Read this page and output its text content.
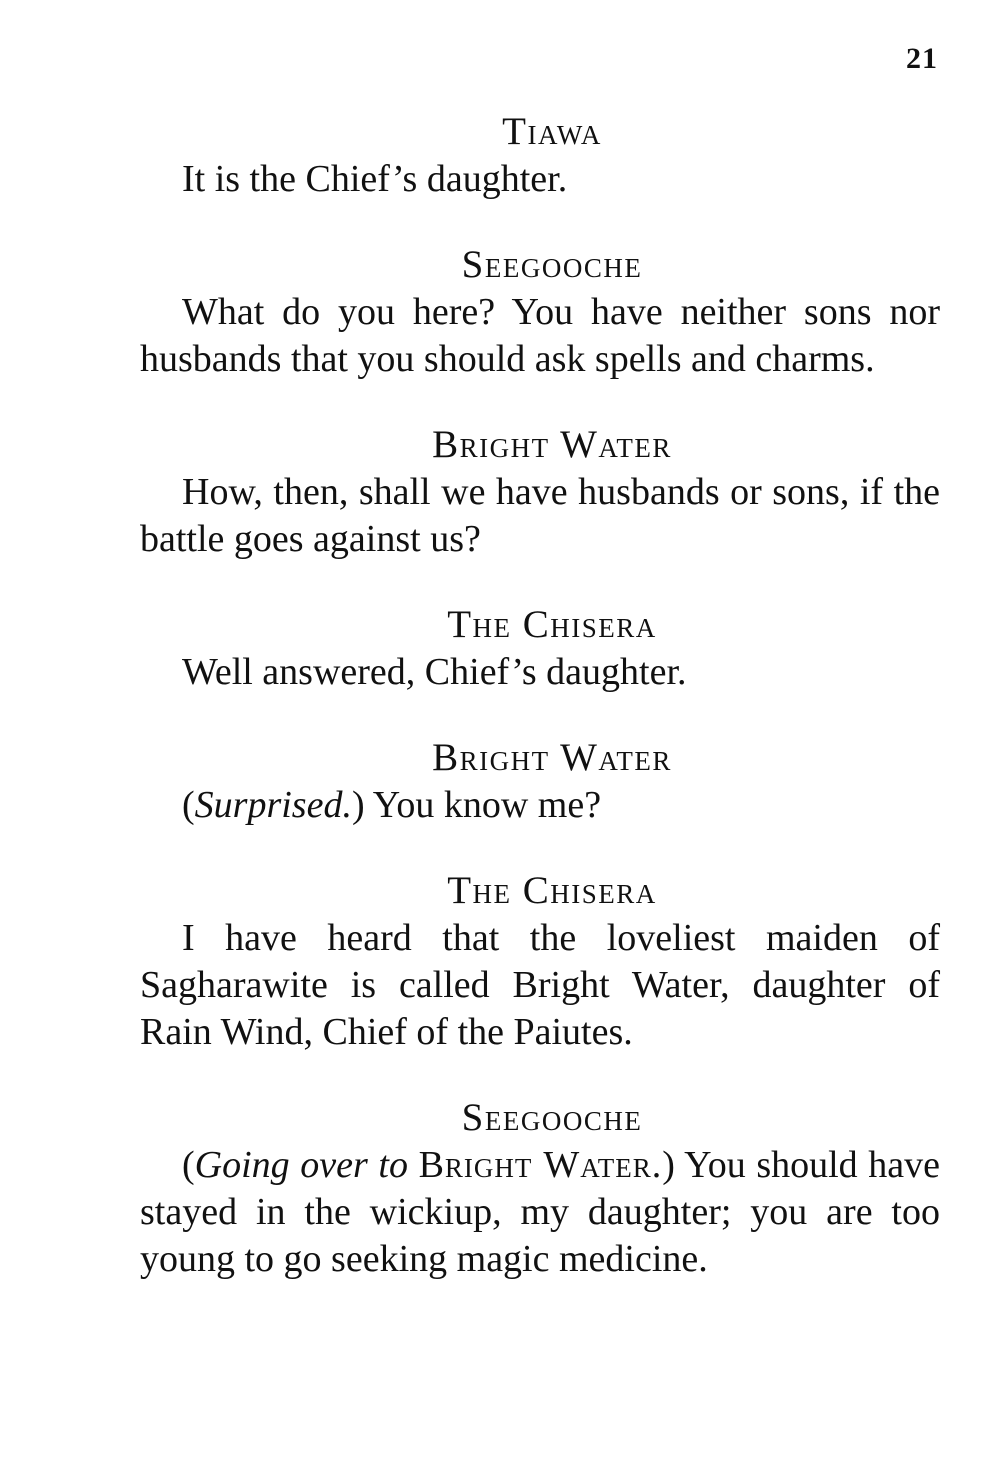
21

Tiawa

It is the Chief’s daughter.

Seegooche

What do you here? You have neither sons nor husbands that you should ask spells and charms.

Bright Water

How, then, shall we have husbands or sons, if the battle goes against us?

The Chisera

Well answered, Chief’s daughter.

Bright Water

(Surprised.) You know me?

The Chisera

I have heard that the loveliest maiden of Sagharawite is called Bright Water, daughter of Rain Wind, Chief of the Paiutes.

Seegooche

(Going over to Bright Water.) You should have stayed in the wickiup, my daughter; you are too young to go seeking magic medicine.
